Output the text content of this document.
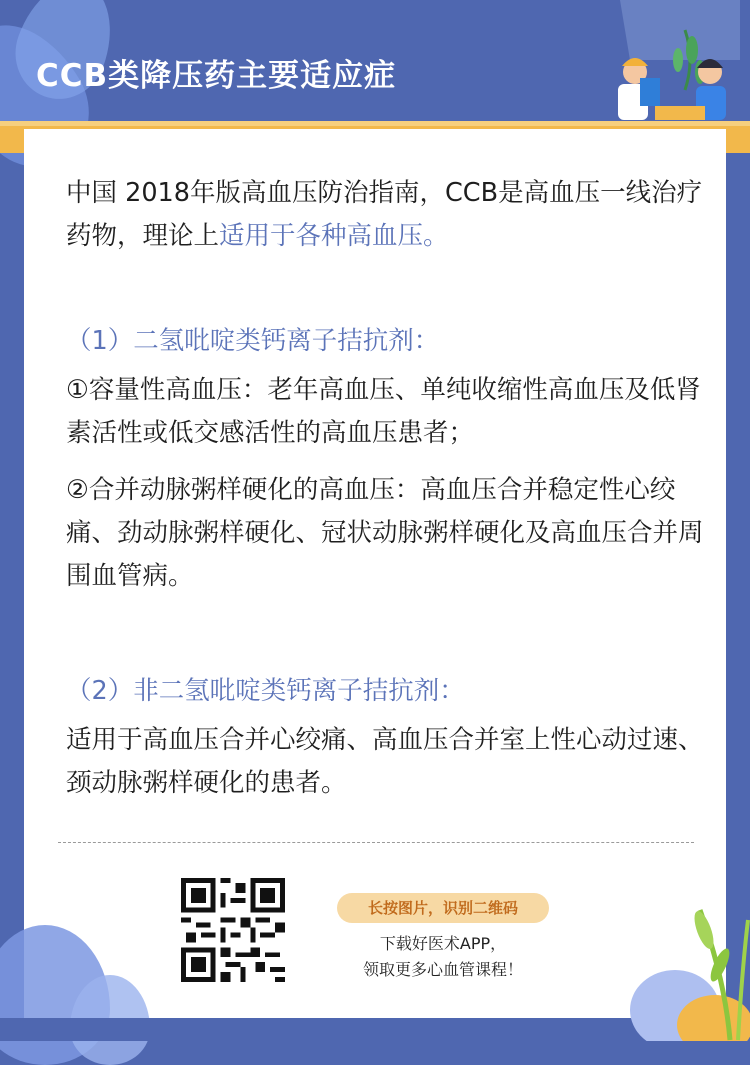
CCB类降压药主要适应症
中国 2018年版高血压防治指南，CCB是高血压一线治疗药物，理论上适用于各种高血压。
（1）二氢吡啶类钙离子拮抗剂：
①容量性高血压：老年高血压、单纯收缩性高血压及低肾素活性或低交感活性的高血压患者；
②合并动脉粥样硬化的高血压：高血压合并稳定性心绞痛、劲动脉粥样硬化、冠状动脉粥样硬化及高血压合并周围血管病。
（2）非二氢吡啶类钙离子拮抗剂：
适用于高血压合并心绞痛、高血压合并室上性心动过速、颈动脉粥样硬化的患者。
长按图片，识别二维码
下载好医术APP，
领取更多心血管课程！
